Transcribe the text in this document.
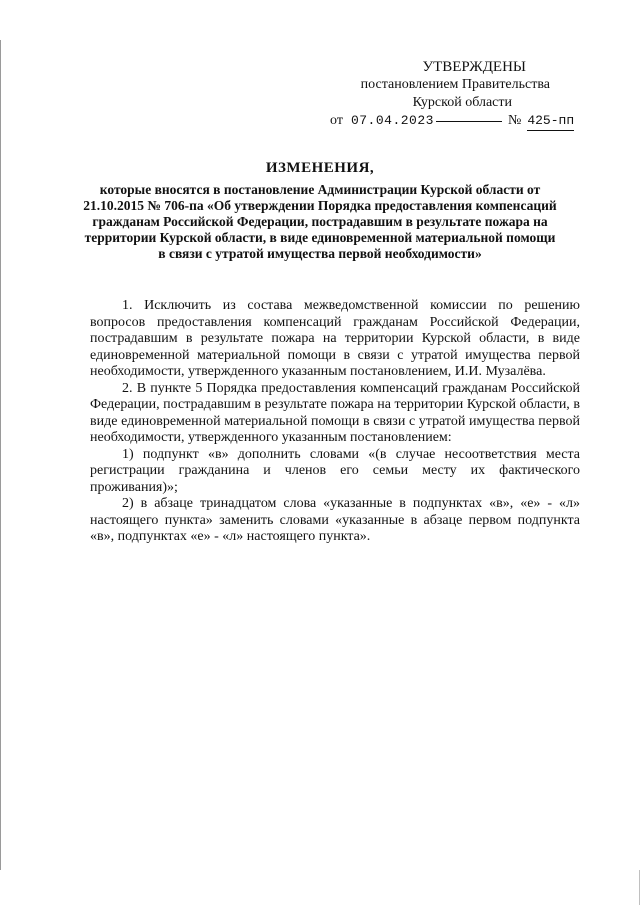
УТВЕРЖДЕНЫ
постановлением Правительства
Курской области
от 07.04.2023	№ 425-пп
ИЗМЕНЕНИЯ,
которые вносятся в постановление Администрации Курской области от 21.10.2015 № 706-па «Об утверждении Порядка предоставления компенсаций гражданам Российской Федерации, пострадавшим в результате пожара на территории Курской области, в виде единовременной материальной помощи в связи с утратой имущества первой необходимости»

1. Исключить из состава межведомственной комиссии по решению вопросов предоставления компенсаций гражданам Российской Федерации, пострадавшим в результате пожара на территории Курской области, в виде единовременной материальной помощи в связи с утратой имущества первой необходимости, утвержденного указанным постановлением, И.И. Музалёва.

2. В пункте 5 Порядка предоставления компенсаций гражданам Российской Федерации, пострадавшим в результате пожара на территории Курской области, в виде единовременной материальной помощи в связи с утратой имущества первой необходимости, утвержденного указанным постановлением:

1) подпункт «в» дополнить словами «(в случае несоответствия места регистрации гражданина и членов его семьи месту их фактического проживания)»;

2) в абзаце тринадцатом слова «указанные в подпунктах «в», «е» - «л» настоящего пункта» заменить словами «указанные в абзаце первом подпункта «в», подпунктах «е» - «л» настоящего пункта».
